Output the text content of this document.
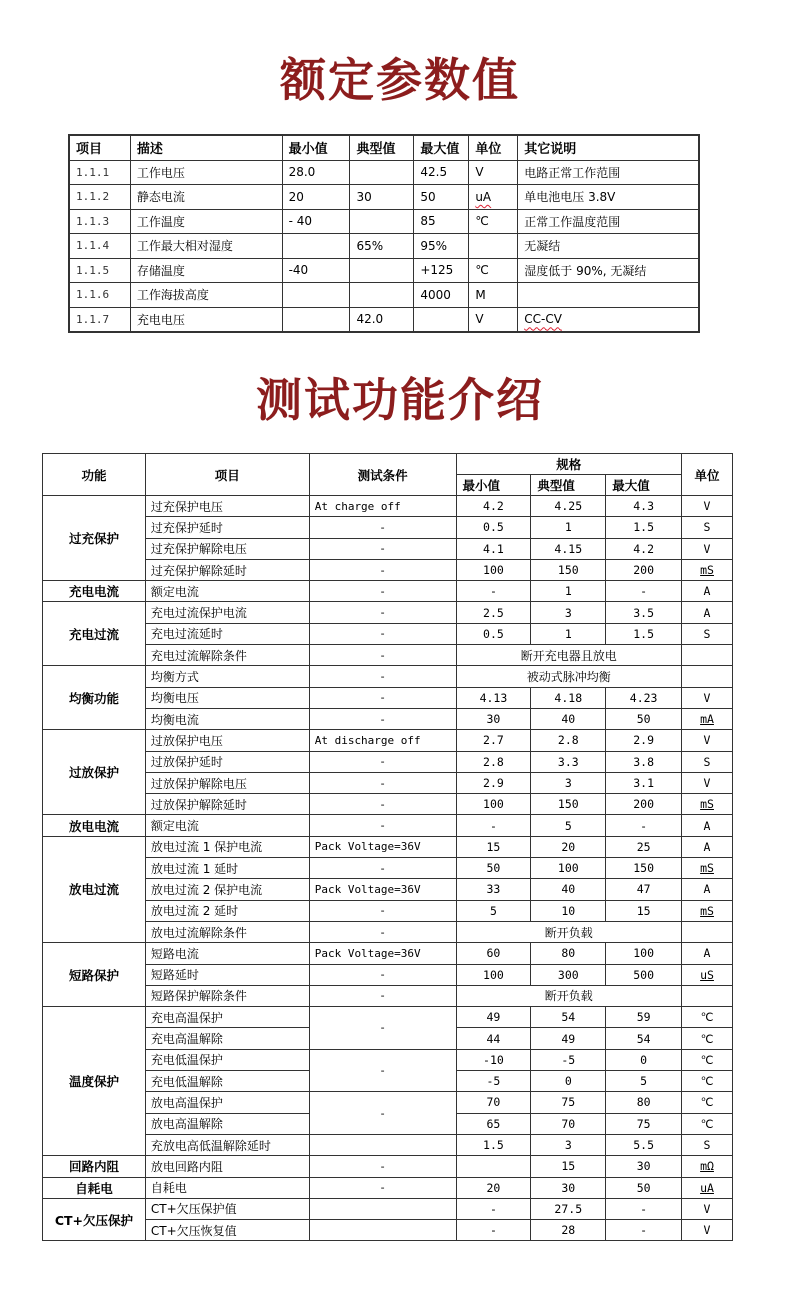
额定参数值
项目	描述	最小值	典型值	最大值	单位	其它说明
1.1.1	工作电压	28.0		42.5	V	电路正常工作范围
1.1.2	静态电流	20	30	50	uA	单电池电压 3.8V
1.1.3	工作温度	- 40		85	℃	正常工作温度范围
1.1.4	工作最大相对湿度		65%	95%		无凝结
1.1.5	存储温度	-40		+125	℃	湿度低于 90%, 无凝结
1.1.6	工作海拔高度			4000	M	
1.1.7	充电电压		42.0		V	CC-CV
测试功能介绍
功能	项目	测试条件	规格			单位
			最小值	典型值	最大值	
过充保护	过充保护电压	At charge off	4.2	4.25	4.3	V
	过充保护延时	-	0.5	1	1.5	S
	过充保护解除电压	-	4.1	4.15	4.2	V
	过充保护解除延时	-	100	150	200	mS
充电电流	额定电流	-	-	1	-	A
充电过流	充电过流保护电流	-	2.5	3	3.5	A
	充电过流延时	-	0.5	1	1.5	S
	充电过流解除条件	-	断开充电器且放电			
均衡功能	均衡方式	-	被动式脉冲均衡			
	均衡电压	-	4.13	4.18	4.23	V
	均衡电流	-	30	40	50	mA
过放保护	过放保护电压	At discharge off	2.7	2.8	2.9	V
	过放保护延时	-	2.8	3.3	3.8	S
	过放保护解除电压	-	2.9	3	3.1	V
	过放保护解除延时	-	100	150	200	mS
放电电流	额定电流	-	-	5	-	A
放电过流	放电过流 1 保护电流	Pack Voltage=36V	15	20	25	A
	放电过流 1 延时	-	50	100	150	mS
	放电过流 2 保护电流	Pack Voltage=36V	33	40	47	A
	放电过流 2 延时	-	5	10	15	mS
	放电过流解除条件	-	断开负载			
短路保护	短路电流	Pack Voltage=36V	60	80	100	A
	短路延时	-	100	300	500	uS
	短路保护解除条件	-	断开负载			
温度保护	充电高温保护	-	49	54	59	℃
	充电高温解除		44	49	54	℃
	充电低温保护	-	-10	-5	0	℃
	充电低温解除		-5	0	5	℃
	放电高温保护	-	70	75	80	℃
	放电高温解除		65	70	75	℃
	充放电高低温解除延时		1.5	3	5.5	S
回路内阻	放电回路内阻	-		15	30	mΩ
自耗电	自耗电	-	20	30	50	uA
CT+欠压保护	CT+欠压保护值		-	27.5	-	V
	CT+欠压恢复值		-	28	-	V
